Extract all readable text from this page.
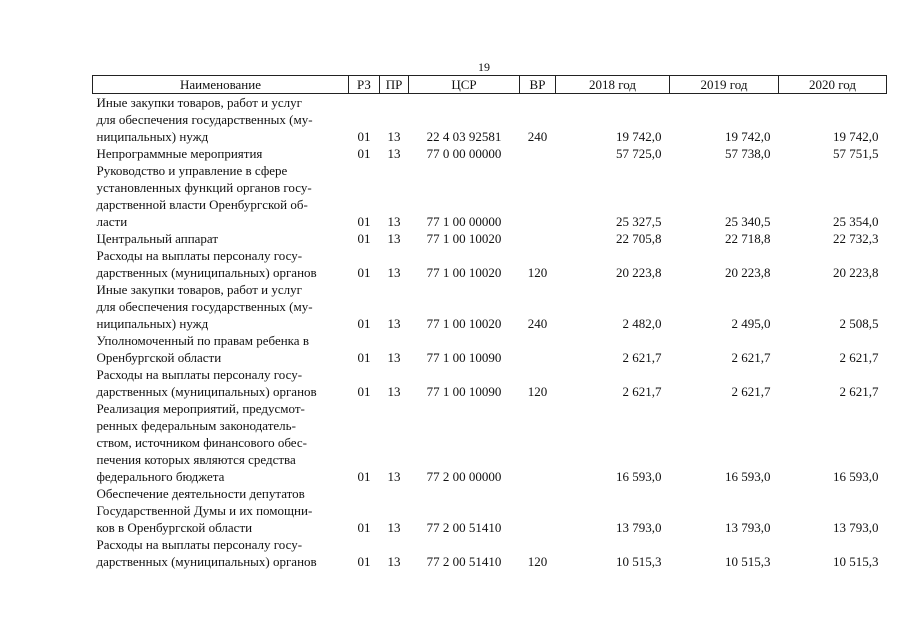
19
Наименование	РЗ	ПР	ЦСР	ВР	2018 год	2019 год	2020 год

Иные закупки товаров, работ и услуг
для обеспечения государственных (му-
ниципальных) нужд	01	13	22 4 03 92581	240	19 742,0	19 742,0	19 742,0

Непрограммные мероприятия	01	13	77 0 00 00000		57 725,0	57 738,0	57 751,5

Руководство и управление в сфере
установленных функций органов госу-
дарственной власти Оренбургской об-
ласти	01	13	77 1 00 00000		25 327,5	25 340,5	25 354,0

Центральный аппарат	01	13	77 1 00 10020		22 705,8	22 718,8	22 732,3

Расходы на выплаты персоналу госу-
дарственных (муниципальных) органов	01	13	77 1 00 10020	120	20 223,8	20 223,8	20 223,8

Иные закупки товаров, работ и услуг
для обеспечения государственных (му-
ниципальных) нужд	01	13	77 1 00 10020	240	2 482,0	2 495,0	2 508,5

Уполномоченный по правам ребенка в
Оренбургской области	01	13	77 1 00 10090		2 621,7	2 621,7	2 621,7

Расходы на выплаты персоналу госу-
дарственных (муниципальных) органов	01	13	77 1 00 10090	120	2 621,7	2 621,7	2 621,7

Реализация мероприятий, предусмот-
ренных федеральным законодатель-
ством, источником финансового обес-
печения которых являются средства
федерального бюджета	01	13	77 2 00 00000		16 593,0	16 593,0	16 593,0

Обеспечение деятельности депутатов
Государственной Думы и их помощни-
ков в Оренбургской области	01	13	77 2 00 51410		13 793,0	13 793,0	13 793,0

Расходы на выплаты персоналу госу-
дарственных (муниципальных) органов	01	13	77 2 00 51410	120	10 515,3	10 515,3	10 515,3
